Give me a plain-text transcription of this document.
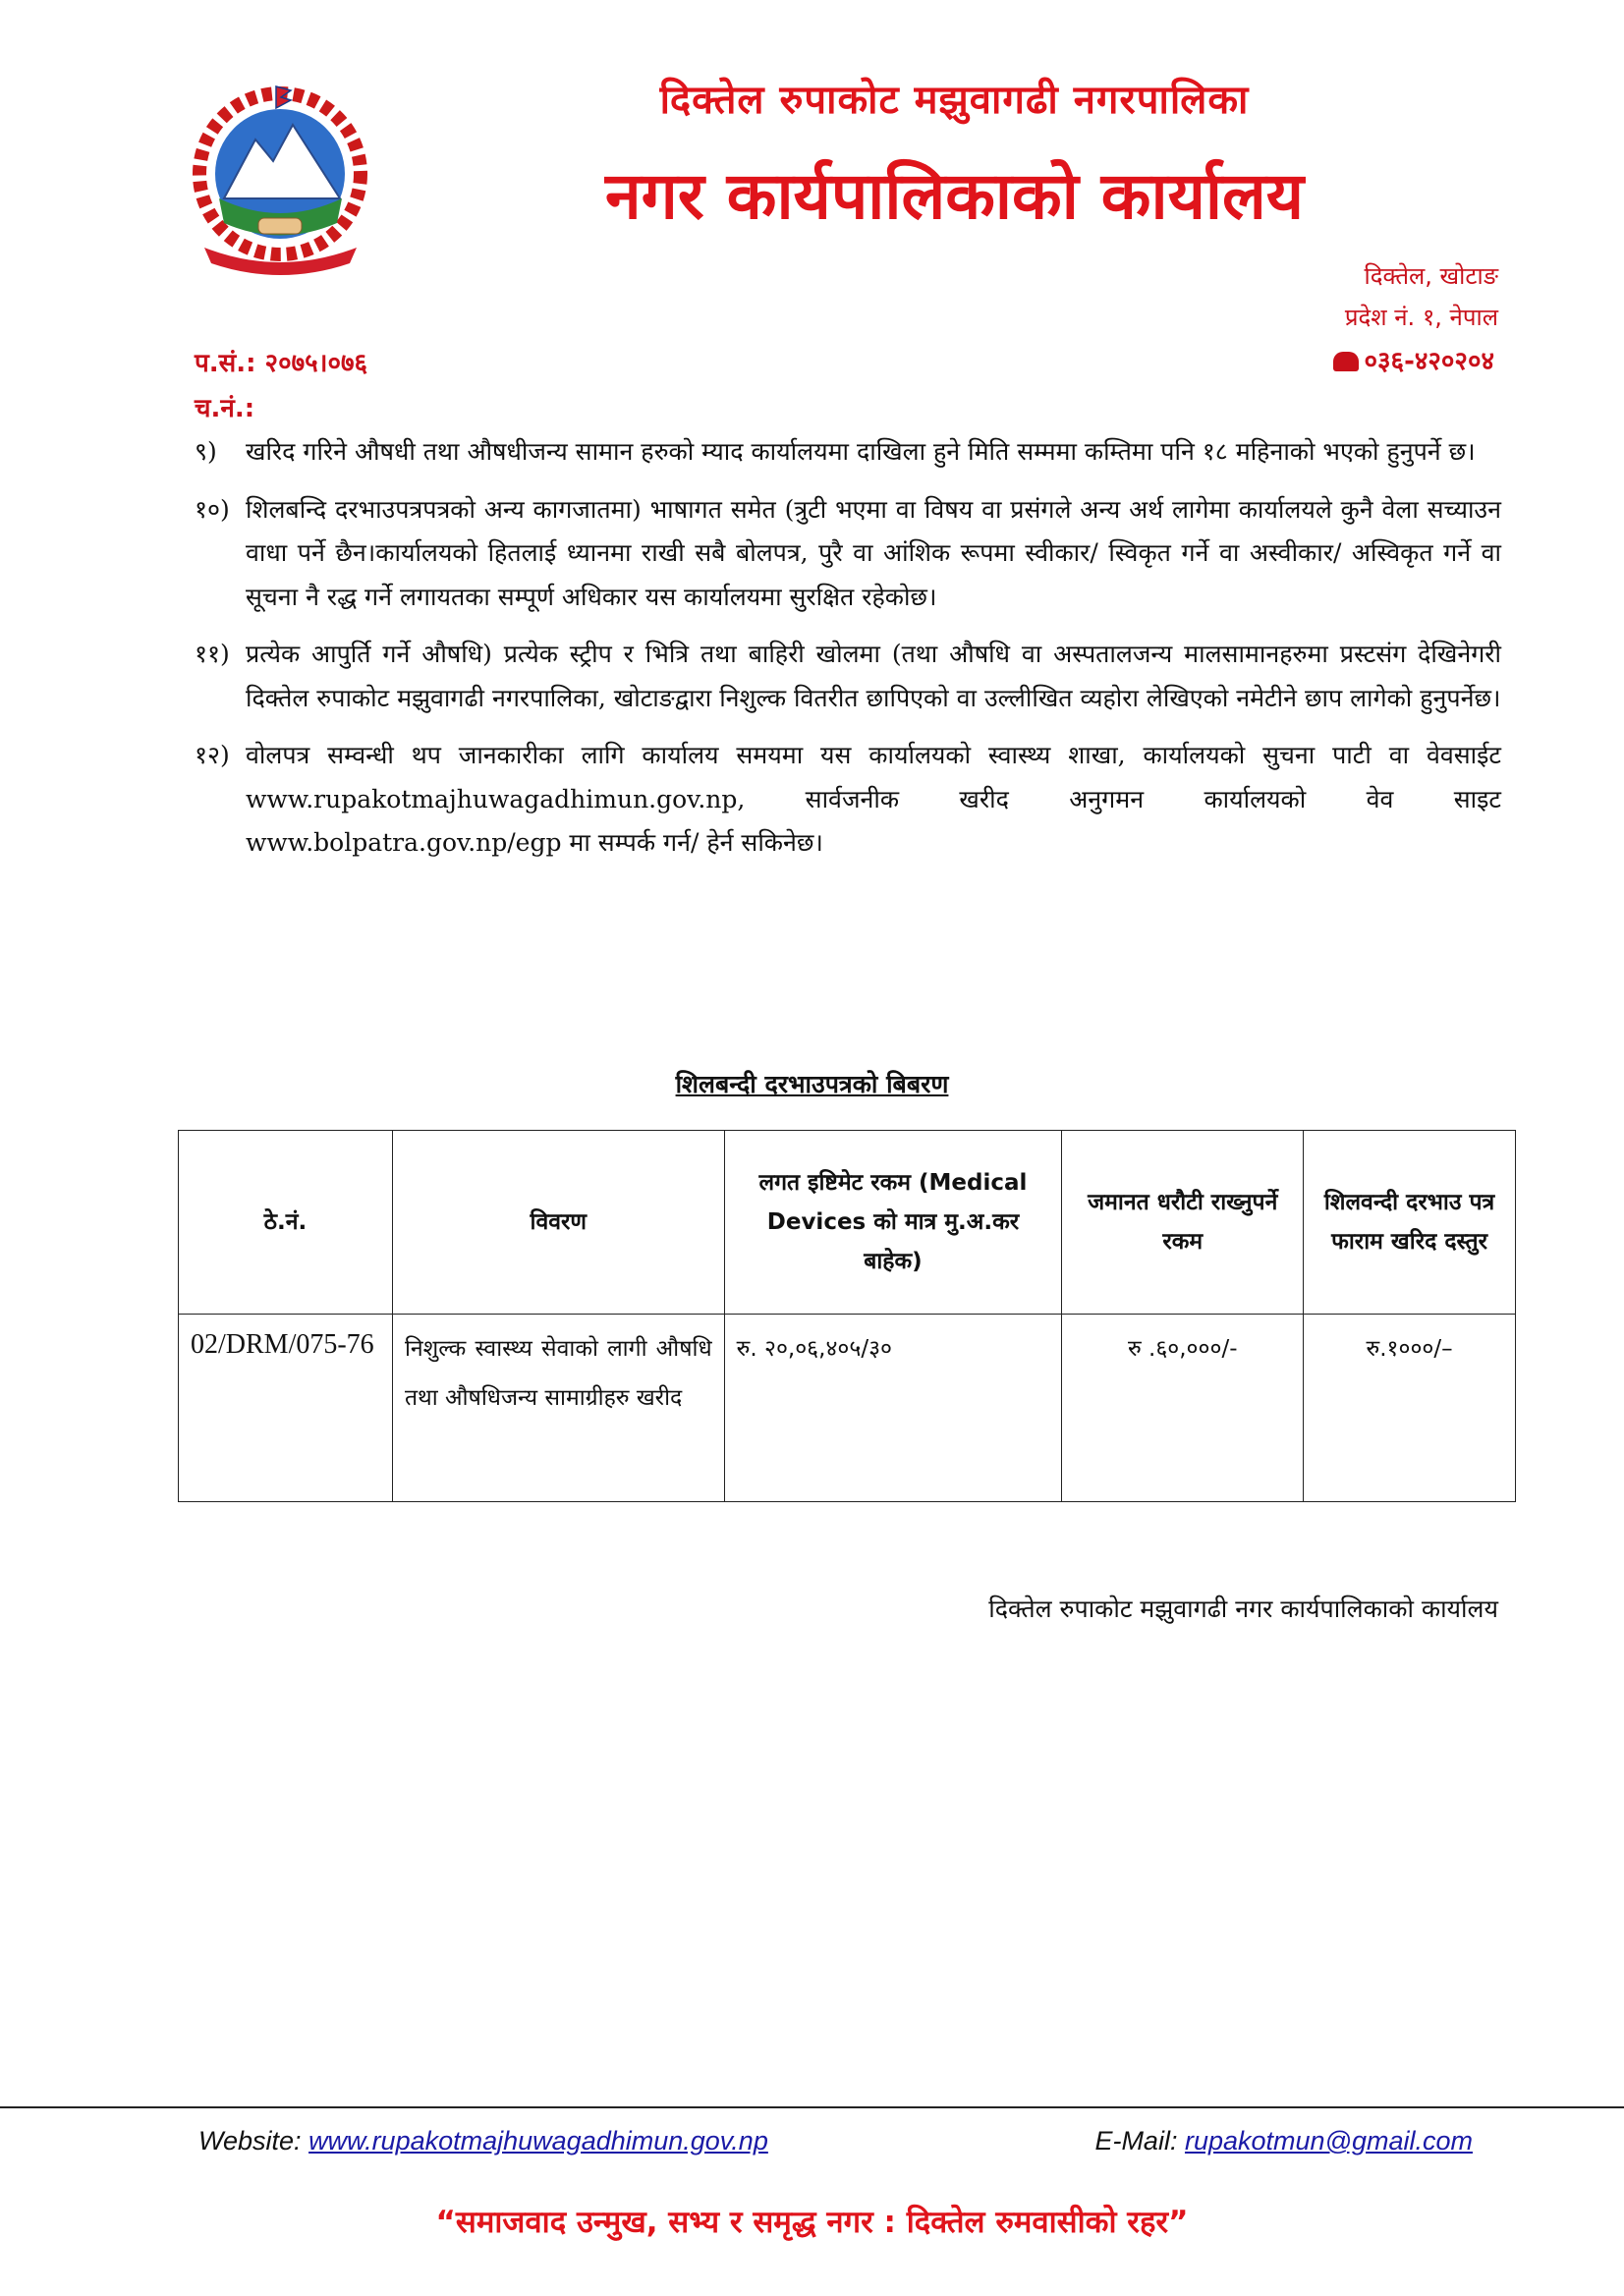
दिक्तेल रुपाकोट मझुवागढी नगरपालिका
नगर कार्यपालिकाको कार्यालय
दिक्तेल, खोटाङ
प्रदेश नं. १, नेपाल
०३६-४२०२०४
प.सं.: २०७५।०७६
च.नं.:
९)	खरिद गरिने औषधी तथा औषधीजन्य सामान हरुको म्याद कार्यालयमा दाखिला हुने मिति सम्ममा कम्तिमा पनि १८ महिनाको भएको हुनुपर्ने छ।
१०) शिलबन्दि दरभाउपत्रपत्रको अन्य कागजातमा) भाषागत समेत (त्रुटी भएमा वा विषय वा प्रसंगले अन्य अर्थ लागेमा कार्यालयले कुनै वेला सच्याउन वाधा पर्ने छैन।कार्यालयको हितलाई ध्यानमा राखी सबै बोलपत्र, पुरै वा आंशिक रूपमा स्वीकार/ स्विकृत गर्ने वा अस्वीकार/ अस्विकृत गर्ने वा सूचना नै रद्ध गर्ने लगायतका सम्पूर्ण अधिकार यस कार्यालयमा सुरक्षित रहेकोछ।
११) प्रत्येक आपुर्ति गर्ने औषधि) प्रत्येक स्ट्रीप र भित्रि तथा बाहिरी खोलमा (तथा औषधि वा अस्पतालजन्य मालसामानहरुमा प्रस्टसंग देखिनेगरी दिक्तेल रुपाकोट मझुवागढी नगरपालिका, खोटाङद्वारा निशुल्क वितरीत छापिएको वा उल्लीखित व्यहोरा लेखिएको नमेटीने छाप लागेको हुनुपर्नेछ।
१२) वोलपत्र सम्वन्धी थप जानकारीका लागि कार्यालय समयमा यस कार्यालयको स्वास्थ्य शाखा, कार्यालयको सुचना पाटी वा वेवसाईट www.rupakotmajhuwagadhimun.gov.np, सार्वजनीक खरीद अनुगमन कार्यालयको वेव साइट www.bolpatra.gov.np/egp मा सम्पर्क गर्न/ हेर्न सकिनेछ।
शिलबन्दी दरभाउपत्रको बिबरण
ठे.नं.	विवरण	लगत इष्टिमेट रकम (Medical Devices को मात्र मु.अ.कर बाहेक)	जमानत धरौटी राख्नुपर्ने रकम	शिलवन्दी दरभाउ पत्र फाराम खरिद दस्तुर
02/DRM/075-76	निशुल्क स्वास्थ्य सेवाको लागी औषधि तथा औषधिजन्य सामाग्रीहरु खरीद	रु. २०,०६,४०५/३०	रु .६०,०००/-	रु.१०००/–
दिक्तेल रुपाकोट मझुवागढी नगर कार्यपालिकाको कार्यालय
Website: www.rupakotmajhuwagadhimun.gov.np	E-Mail: rupakotmun@gmail.com
“समाजवाद उन्मुख, सभ्य र समृद्ध नगर : दिक्तेल रुमवासीको रहर”
